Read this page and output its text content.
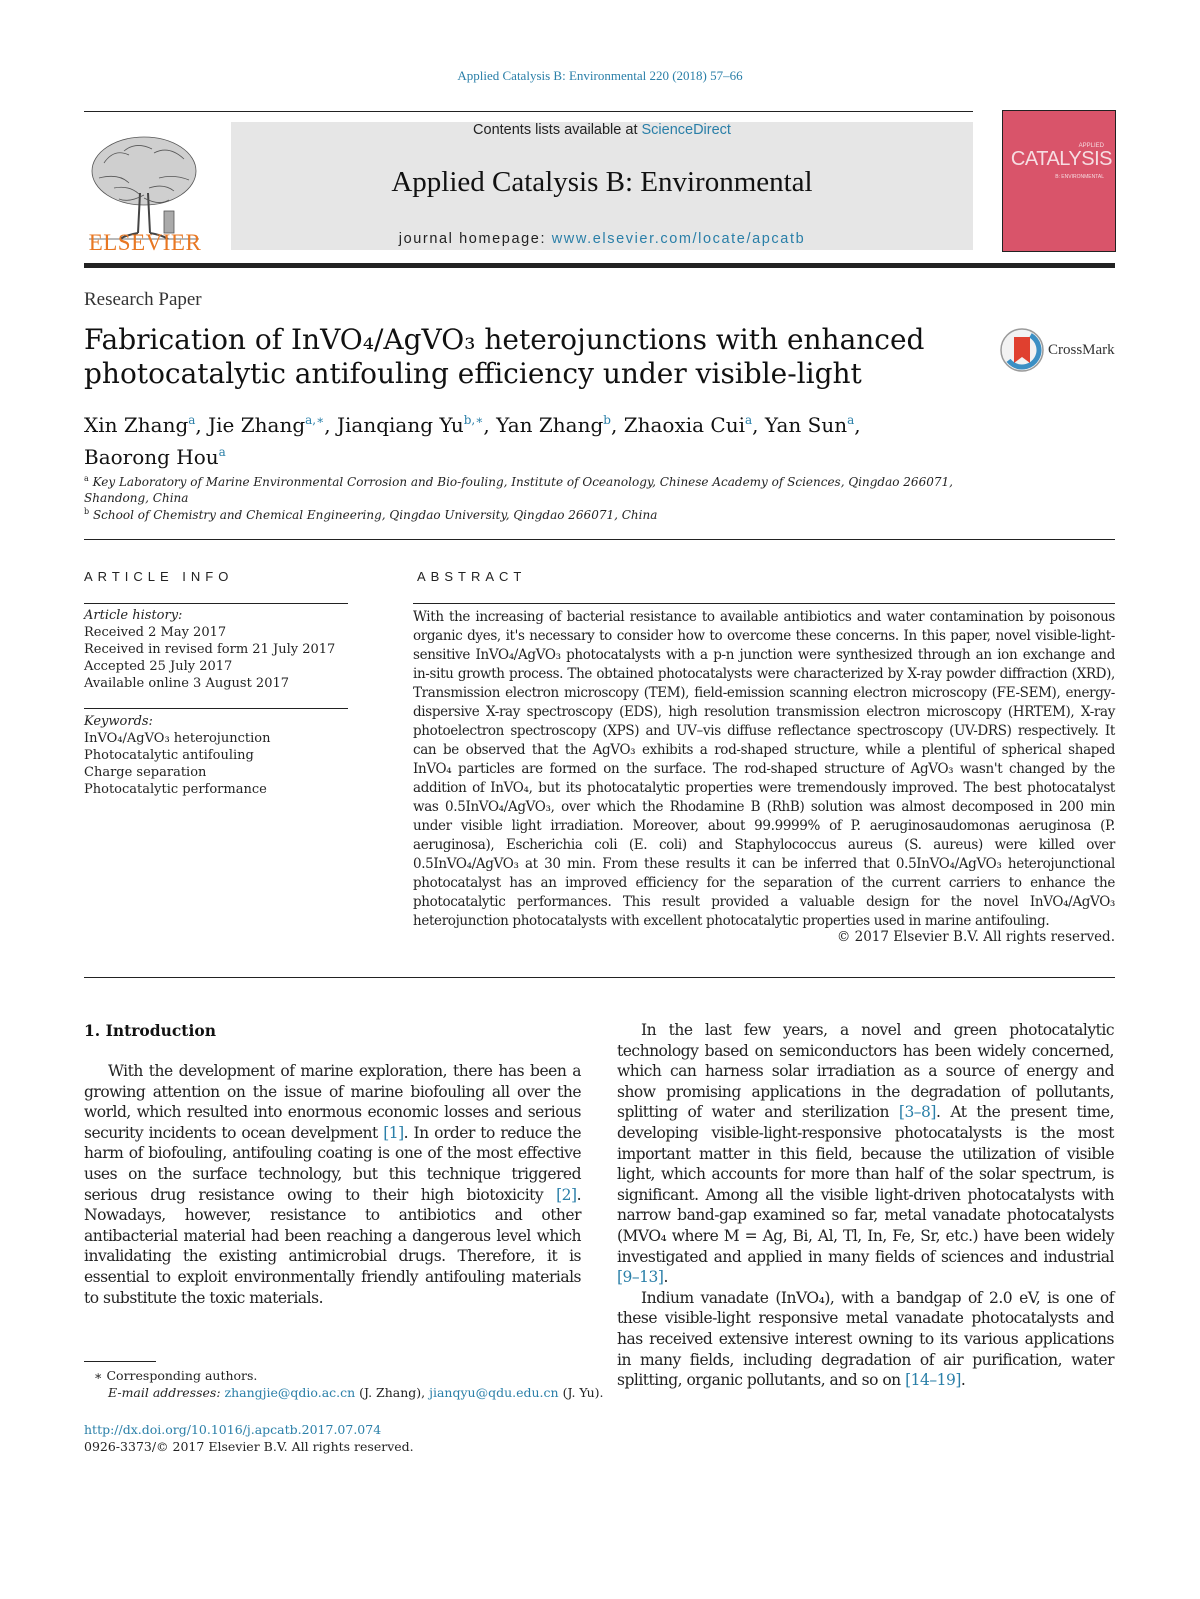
Applied Catalysis B: Environmental 220 (2018) 57–66
ELSEVIER
Contents lists available at ScienceDirect
Applied Catalysis B: Environmental
journal homepage: www.elsevier.com/locate/apcatb
APPLIED
CATALYSIS
B: ENVIRONMENTAL
Research Paper
Fabrication of InVO₄/AgVO₃ heterojunctions with enhanced
photocatalytic antifouling efficiency under visible-light
CrossMark
Xin Zhang$^a$, Jie Zhang$^{a,∗}$, Jianqiang $Yu^{b,∗}$, Yan Zhang$^b$, Zhaoxia Cui$^a$, Yan Sun$^a$,
Baorong Hou$^a$
$^a$ Key Laboratory of Marine Environmental Corrosion and Bio-fouling, Institute of Oceanology, Chinese Academy of Sciences, Qingdao 266071, Shandong, China
$^b$ School of Chemistry and Chemical Engineering, Qingdao University, Qingdao 266071, China
ARTICLE INFO
Article history:
Received 2 May 2017
Received in revised form 21 July 2017
Accepted 25 July 2017
Available online 3 August 2017
Keywords:
InVO₄/AgVO₃ heterojunction
Photocatalytic antifouling
Charge separation
Photocatalytic performance
ABSTRACT
With the increasing of bacterial resistance to available antibiotics and water contamination by poisonous organic dyes, it's necessary to consider how to overcome these concerns. In this paper, novel visible-light-sensitive InVO₄/AgVO₃ photocatalysts with a p-n junction were synthesized through an ion exchange and in-situ growth process. The obtained photocatalysts were characterized by X-ray powder diffraction (XRD), Transmission electron microscopy (TEM), field-emission scanning electron microscopy (FE-SEM), energy-dispersive X-ray spectroscopy (EDS), high resolution transmission electron microscopy (HRTEM), X-ray photoelectron spectroscopy (XPS) and UV–vis diffuse reflectance spectroscopy (UV-DRS) respectively. It can be observed that the AgVO₃ exhibits a rod-shaped structure, while a plentiful of spherical shaped InVO₄ particles are formed on the surface. The rod-shaped structure of AgVO₃ wasn't changed by the addition of InVO₄, but its photocatalytic properties were tremendously improved. The best photocatalyst was 0.5InVO₄/AgVO₃, over which the Rhodamine B (RhB) solution was almost decomposed in 200 min under visible light irradiation. Moreover, about 99.9999% of P. aeruginosaudomonas aeruginosa (P. aeruginosa), Escherichia coli (E. coli) and Staphylococcus aureus (S. aureus) were killed over 0.5InVO₄/AgVO₃ at 30 min. From these results it can be inferred that 0.5InVO₄/AgVO₃ heterojunctional photocatalyst has an improved efficiency for the separation of the current carriers to enhance the photocatalytic performances. This result provided a valuable design for the novel InVO₄/AgVO₃ heterojunction photocatalysts with excellent photocatalytic properties used in marine antifouling.
© 2017 Elsevier B.V. All rights reserved.
1. Introduction

With the development of marine exploration, there has been a growing attention on the issue of marine biofouling all over the world, which resulted into enormous economic losses and serious security incidents to ocean develpment [1]. In order to reduce the harm of biofouling, antifouling coating is one of the most effective uses on the surface technology, but this technique triggered serious drug resistance owing to their high biotoxicity [2]. Nowadays, however, resistance to antibiotics and other antibacterial material had been reaching a dangerous level which invalidating the existing antimicrobial drugs. Therefore, it is essential to exploit environmentally friendly antifouling materials to substitute the toxic materials.

In the last few years, a novel and green photocatalytic technology based on semiconductors has been widely concerned, which can harness solar irradiation as a source of energy and show promising applications in the degradation of pollutants, splitting of water and sterilization [3–8]. At the present time, developing visible-light-responsive photocatalysts is the most important matter in this field, because the utilization of visible light, which accounts for more than half of the solar spectrum, is significant. Among all the visible light-driven photocatalysts with narrow band-gap examined so far, metal vanadate photocatalysts (MVO₄ where M = Ag, Bi, Al, Tl, In, Fe, Sr, etc.) have been widely investigated and applied in many fields of sciences and industrial [9–13].

Indium vanadate (InVO₄), with a bandgap of 2.0 eV, is one of these visible-light responsive metal vanadate photocatalysts and has received extensive interest owning to its various applications in many fields, including degradation of air purification, water splitting, organic pollutants, and so on [14–19].

∗ Corresponding authors.
E-mail addresses: zhangjie@qdio.ac.cn (J. Zhang), jianqyu@qdu.edu.cn (J. Yu).
http://dx.doi.org/10.1016/j.apcatb.2017.07.074
0926-3373/© 2017 Elsevier B.V. All rights reserved.
